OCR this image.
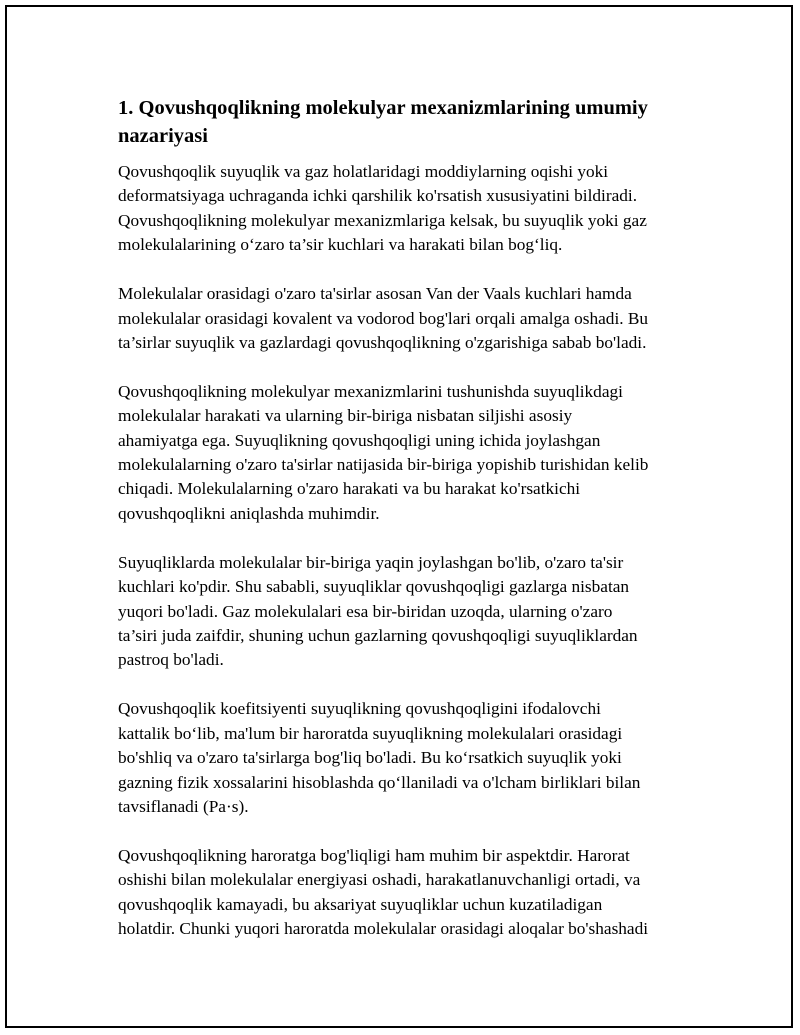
1. Qovushqoqlikning molekulyar mexanizmlarining umumiy
nazariyasi

Qovushqoqlik suyuqlik va gaz holatlaridagi moddiylarning oqishi yoki
deformatsiyaga uchraganda ichki qarshilik ko'rsatish xususiyatini bildiradi.
Qovushqoqlikning molekulyar mexanizmlariga kelsak, bu suyuqlik yoki gaz
molekulalarining o‘zaro ta’sir kuchlari va harakati bilan bog‘liq.

Molekulalar orasidagi o'zaro ta'sirlar asosan Van der Vaals kuchlari hamda
molekulalar orasidagi kovalent va vodorod bog'lari orqali amalga oshadi. Bu
ta’sirlar suyuqlik va gazlardagi qovushqoqlikning o'zgarishiga sabab bo'ladi.

Qovushqoqlikning molekulyar mexanizmlarini tushunishda suyuqlikdagi
molekulalar harakati va ularning bir-biriga nisbatan siljishi asosiy
ahamiyatga ega. Suyuqlikning qovushqoqligi uning ichida joylashgan
molekulalarning o'zaro ta'sirlar natijasida bir-biriga yopishib turishidan kelib
chiqadi. Molekulalarning o'zaro harakati va bu harakat ko'rsatkichi
qovushqoqlikni aniqlashda muhimdir.

Suyuqliklarda molekulalar bir-biriga yaqin joylashgan bo'lib, o'zaro ta'sir
kuchlari ko'pdir. Shu sababli, suyuqliklar qovushqoqligi gazlarga nisbatan
yuqori bo'ladi. Gaz molekulalari esa bir-biridan uzoqda, ularning o'zaro
ta’siri juda zaifdir, shuning uchun gazlarning qovushqoqligi suyuqliklardan
pastroq bo'ladi.

Qovushqoqlik koefitsiyenti suyuqlikning qovushqoqligini ifodalovchi
kattalik bo‘lib, ma'lum bir haroratda suyuqlikning molekulalari orasidagi
bo'shliq va o'zaro ta'sirlarga bog'liq bo'ladi. Bu ko‘rsatkich suyuqlik yoki
gazning fizik xossalarini hisoblashda qo‘llaniladi va o'lcham birliklari bilan
tavsiflanadi (Pa·s).

Qovushqoqlikning haroratga bog'liqligi ham muhim bir aspektdir. Harorat
oshishi bilan molekulalar energiyasi oshadi, harakatlanuvchanligi ortadi, va
qovushqoqlik kamayadi, bu aksariyat suyuqliklar uchun kuzatiladigan
holatdir. Chunki yuqori haroratda molekulalar orasidagi aloqalar bo'shashadi
